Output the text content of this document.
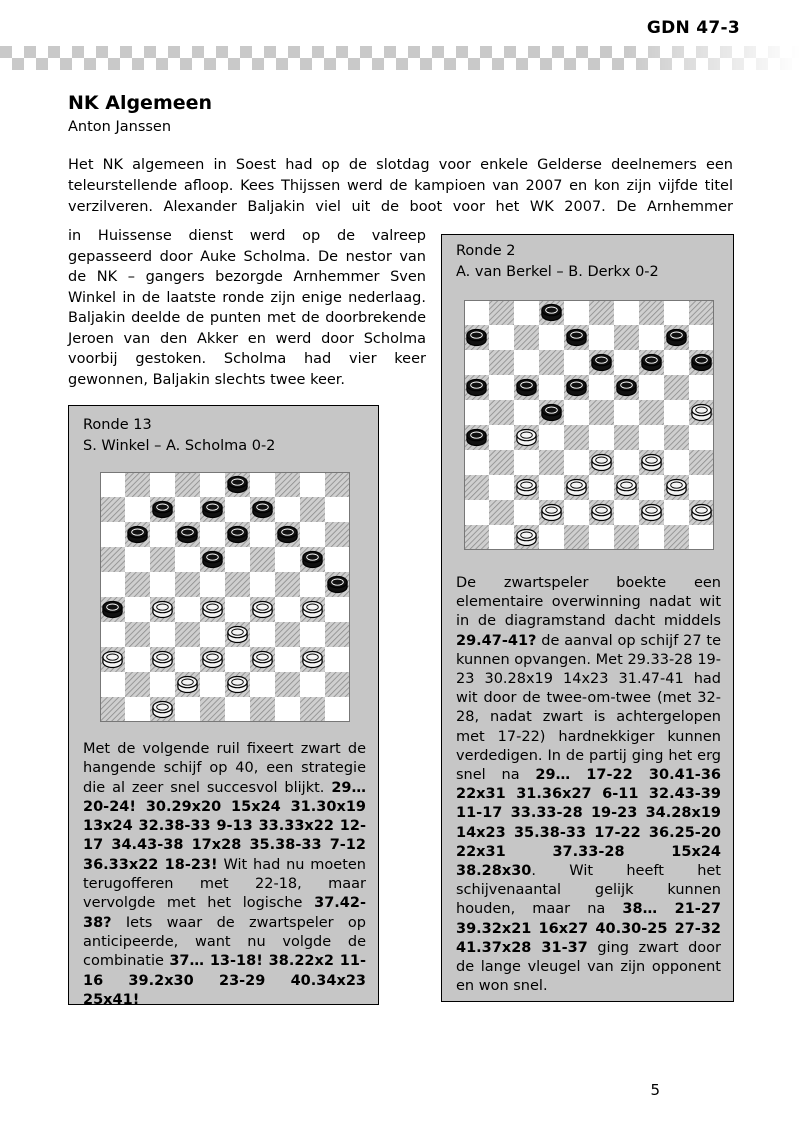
GDN 47-3
NK Algemeen
Anton Janssen

Het NK algemeen in Soest had op de slotdag voor enkele Gelderse deelnemers een teleurstellende afloop. Kees Thijssen werd de kampioen van 2007 en kon zijn vijfde titel verzilveren. Alexander Baljakin viel uit de boot voor het WK 2007. De Arnhemmer

in Huissense dienst werd op de valreep gepasseerd door Auke Scholma. De nestor van de NK – gangers bezorgde Arnhemmer Sven Winkel in de laatste ronde zijn enige nederlaag. Baljakin deelde de punten met de doorbrekende Jeroen van den Akker en werd door Scholma voorbij gestoken. Scholma had vier keer gewonnen, Baljakin slechts twee keer.

Ronde 13
S. Winkel – A. Scholma 0-2
Met de volgende ruil fixeert zwart de hangende schijf op 40, een strategie die al zeer snel succesvol blijkt. 29… 20-24! 30.29x20 15x24 31.30x19 13x24 32.38-33 9-13 33.33x22 12-17 34.43-38 17x28 35.38-33 7-12 36.33x22 18-23! Wit had nu moeten terugofferen met 22-18, maar vervolgde met het logische 37.42-38? Iets waar de zwartspeler op anticipeerde, want nu volgde de combinatie 37… 13-18! 38.22x2 11-16 39.2x30 23-29 40.34x23 25x41!
Ronde 2
A. van Berkel – B. Derkx 0-2
De zwartspeler boekte een elementaire overwinning nadat wit in de diagramstand dacht middels 29.47-41? de aanval op schijf 27 te kunnen opvangen. Met 29.33-28 19-23 30.28x19 14x23 31.47-41 had wit door de twee-om-twee (met 32-28, nadat zwart is achtergelopen met 17-22) hardnekkiger kunnen verdedigen. In de partij ging het erg snel na 29… 17-22 30.41-36 22x31 31.36x27 6-11 32.43-39 11-17 33.33-28 19-23 34.28x19 14x23 35.38-33 17-22 36.25-20 22x31 37.33-28 15x24 38.28x30. Wit heeft het schijvenaantal gelijk kunnen houden, maar na 38… 21-27 39.32x21 16x27 40.30-25 27-32 41.37x28 31-37 ging zwart door de lange vleugel van zijn opponent en won snel.
5
